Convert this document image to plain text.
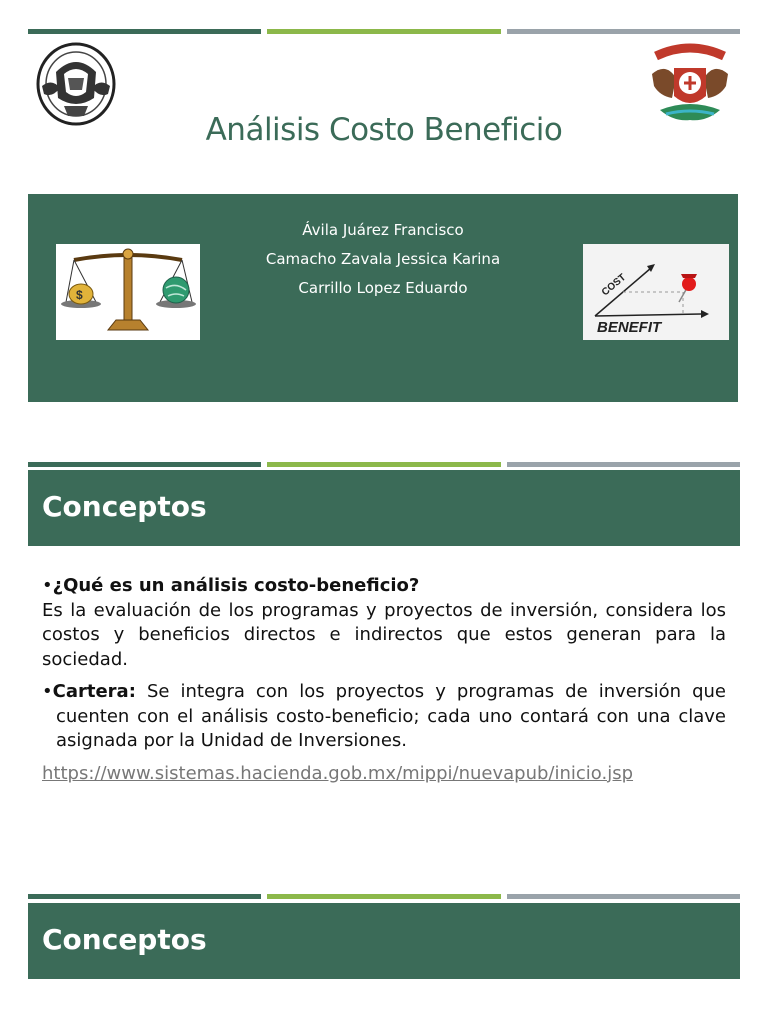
Análisis Costo Beneficio
Ávila Juárez Francisco
Camacho Zavala Jessica Karina
Carrillo Lopez Eduardo
$	COST
BENEFIT
Conceptos
•¿Qué es un análisis costo-beneficio?

Es la evaluación de los programas y proyectos de inversión, considera los costos y beneficios directos e indirectos que estos generan para la sociedad.

•Cartera: Se integra con los proyectos y programas de inversión que cuenten con el análisis costo-beneficio; cada uno contará con una clave asignada por la Unidad de Inversiones.
https://www.sistemas.hacienda.gob.mx/mippi/nuevapub/inicio.jsp
Conceptos
